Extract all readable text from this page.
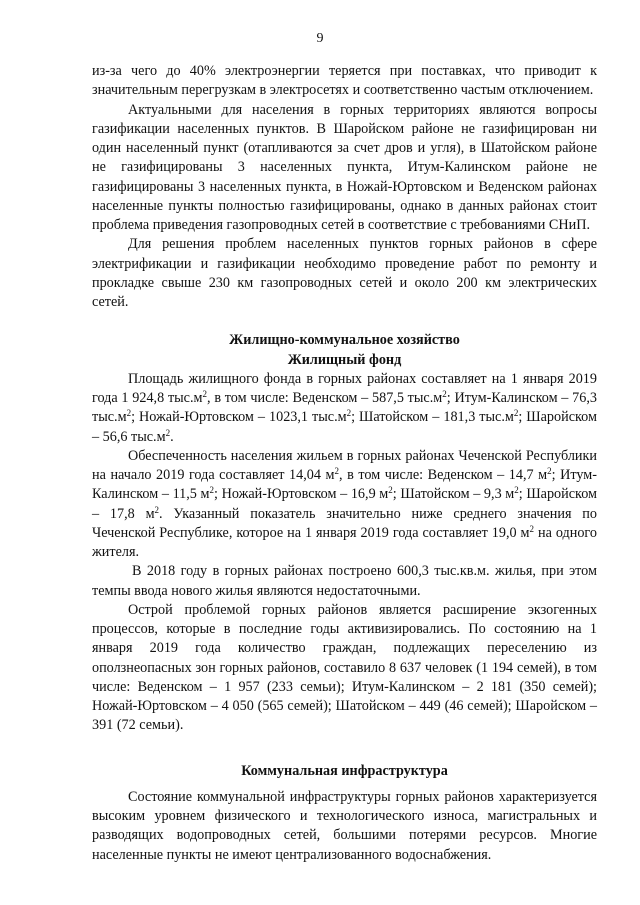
9

из-за чего до 40% электроэнергии теряется при поставках, что приводит к значительным перегрузкам в электросетях и соответственно частым отключением.

Актуальными для населения в горных территориях являются вопросы газификации населенных пунктов. В Шаройском районе не газифицирован ни один населенный пункт (отапливаются за счет дров и угля), в Шатойском районе не газифицированы 3 населенных пункта, Итум-Калинском районе не газифицированы 3 населенных пункта, в Ножай-Юртовском и Веденском районах населенные пункты полностью газифицированы, однако в данных районах стоит проблема приведения газопроводных сетей в соответствие с требованиями СНиП.

Для решения проблем населенных пунктов горных районов в сфере электрификации и газификации необходимо проведение работ по ремонту и прокладке свыше 230 км газопроводных сетей и около 200 км электрических сетей.

Жилищно-коммунальное хозяйство
Жилищный фонд

Площадь жилищного фонда в горных районах составляет на 1 января 2019 года 1 924,8 $тыс.м^2$, в том числе: Веденском – 587,5 $тыс.м^2$; Итум-Калинском – 76,3 $тыс.м^2$; Ножай-Юртовском – 1023,1 $тыс.м^2$; Шатойском – 181,3 $тыс.м^2$; Шаройском – 56,6 $тыс.м^2$.

Обеспеченность населения жильем в горных районах Чеченской Республики на начало 2019 года составляет 14,04 $м^2$, в том числе: Веденском – 14,7 $м^2$; Итум-Калинском – 11,5 $м^2$; Ножай-Юртовском – 16,9 $м^2$; Шатойском – 9,3 $м^2$; Шаройском – 17,8 $м^2$. Указанный показатель значительно ниже среднего значения по Чеченской Республике, которое на 1 января 2019 года составляет 19,0 $м^2$ на одного жителя.

В 2018 году в горных районах построено 600,3 тыс.кв.м. жилья, при этом темпы ввода нового жилья являются недостаточными.

Острой проблемой горных районов является расширение экзогенных процессов, которые в последние годы активизировались. По состоянию на 1 января 2019 года количество граждан, подлежащих переселению из оползнеопасных зон горных районов, составило 8 637 человек (1 194 семей), в том числе: Веденском – 1 957 (233 семьи); Итум-Калинском – 2 181 (350 семей); Ножай-Юртовском – 4 050 (565 семей); Шатойском – 449 (46 семей); Шаройском – 391 (72 семьи).

Коммунальная инфраструктура

Состояние коммунальной инфраструктуры горных районов характеризуется высоким уровнем физического и технологического износа, магистральных и разводящих водопроводных сетей, большими потерями ресурсов. Многие населенные пункты не имеют централизованного водоснабжения.
